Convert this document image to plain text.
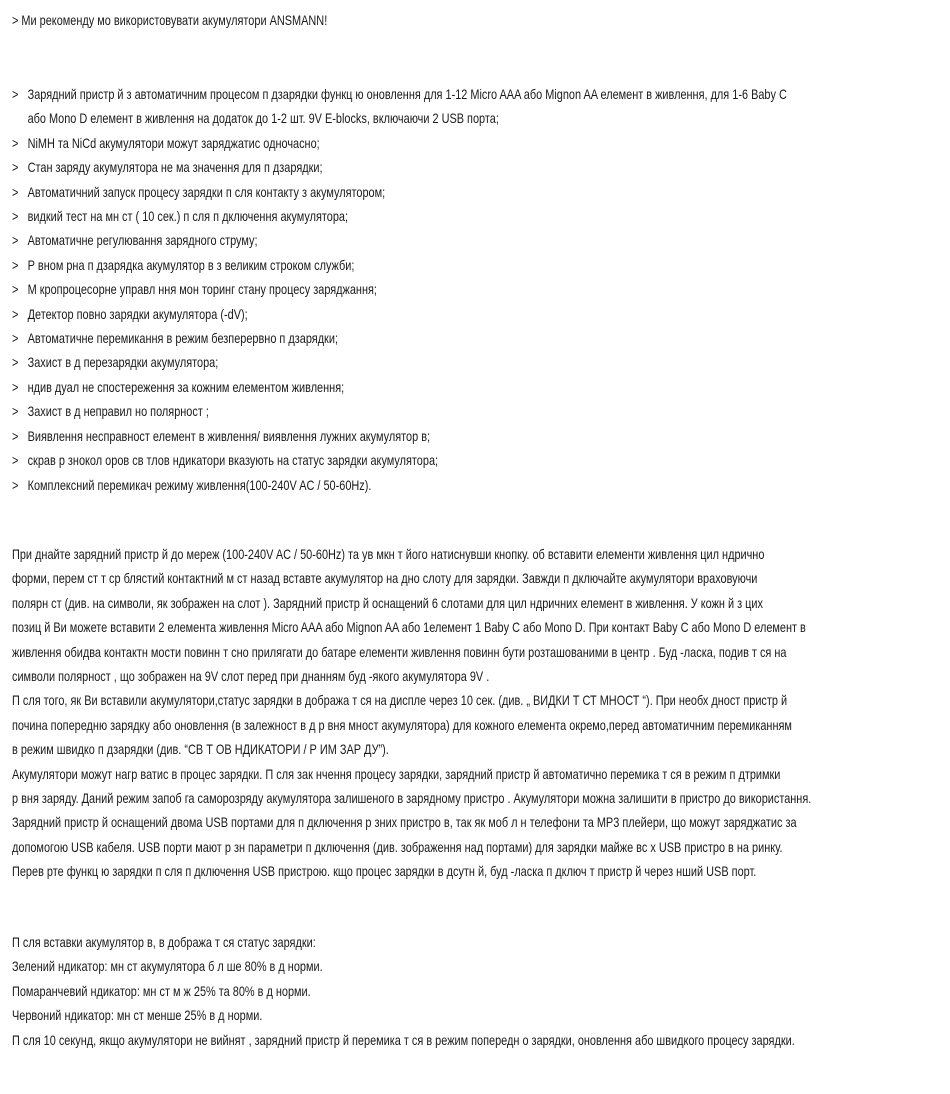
> Ми рекоменду мо використовувати акумулятори ANSMANN!
> Зарядний пристр й з автоматичним процесом п дзарядки функц ю оновлення для 1-12 Micro AAA або Mignon AA елемент в живлення, для 1-6 Baby C
або Mono D елемент в живлення на додаток до 1-2 шт. 9V E-blocks, включаючи 2 USB порта;
> NiMH та NiCd акумулятори можут заряджатис одночасно;
> Стан заряду акумулятора не ма значення для п дзарядки;
> Автоматичний запуск процесу зарядки п сля контакту з акумулятором;
> видкий тест на мн ст ( 10 сек.) п сля п дключення акумулятора;
> Автоматичне регулювання зарядного струму;
> Р вном рна п дзарядка акумулятор в з великим строком служби;
> М кропроцесорне управл ння мон торинг стану процесу заряджання;
> Детектор повно зарядки акумулятора (-dV);
> Автоматичне перемикання в режим безперервно п дзарядки;
> Захист в д перезарядки акумулятора;
> ндив дуал не спостереження за кожним елементом живлення;
> Захист в д неправил но полярност ;
> Виявлення несправност елемент в живлення/ виявлення лужних акумулятор в;
> скрав р знокол оров св тлов ндикатори вказують на статус зарядки акумулятора;
> Комплексний перемикач режиму живлення(100-240V AC / 50-60Hz).
При днайте зарядний пристр й до мереж (100-240V AC / 50-60Hz) та ув мкн т його натиснувши кнопку. об вставити елементи живлення цил ндрично
форми, перем ст т ср блястий контактний м ст назад вставте акумулятор на дно слоту для зарядки. Завжди п дключайте акумулятори враховуючи
полярн ст (див. на символи, як зображен на слот ). Зарядний пристр й оснащений 6 слотами для цил ндричних елемент в живлення. У кожн й з цих
позиц й Ви можете вставити 2 елемента живлення Micro AAA або Mignon AA або 1елемент 1 Baby C або Mono D. При контакт Baby C або Mono D елемент в
живлення обидва контактн мости повинн т сно прилягати до батаре елементи живлення повинн бути розташованими в центр . Буд -ласка, подив т ся на
символи полярност , що зображен на 9V слот перед при днанням буд -якого акумулятора 9V .
П сля того, як Ви вставили акумулятори,статус зарядки в добража т ся на диспле через 10 сек. (див. „ ВИДКИ Т СТ МНОСТ “). При необх дност пристр й
починa попередню зарядку або оновлення (в залежност в д р вня мност акумулятора) для кожного елемента окремо,перед автоматичним перемиканням
в режим швидко п дзарядки (див. “СВ Т ОВ НДИКАТОРИ / Р ИМ ЗАР ДУ”).
Акумулятори можут нагр ватис в процес зарядки. П сля зак нчення процесу зарядки, зарядний пристр й автоматично перемика т ся в режим п дтримки
р вня заряду. Даний режим запоб га саморозряду акумулятора залишеного в зарядному пристро . Акумулятори можна залишити в пристро до використання.
Зарядний пристр й оснащений двома USB портами для п дключення р зних пристро в, так як моб л н телефони та MP3 плейери, що можут заряджатис за
допомогою USB кабеля. USB порти мают р зн параметри п дключення (див. зображення над портами) для зарядки майже вс х USB пристро в на ринку.
Перев рте функц ю зарядки п сля п дключення USB пристрою. кщо процес зарядки в дсутн й, буд -ласка п дключ т пристр й через нший USB порт.
П сля вставки акумулятор в, в дображa т ся статус зарядки:
Зелений ндикатор: мн ст акумулятора б л ше 80% в д норми.
Помаранчевий ндикатор: мн ст м ж 25% та 80% в д норми.
Червоний ндикатор: мн ст менше 25% в д норми.
П сля 10 секунд, якщо акумулятори не вийнят , зарядний пристр й перемика т ся в режим попередн о зарядки, оновлення або швидкого процесу зарядки.
